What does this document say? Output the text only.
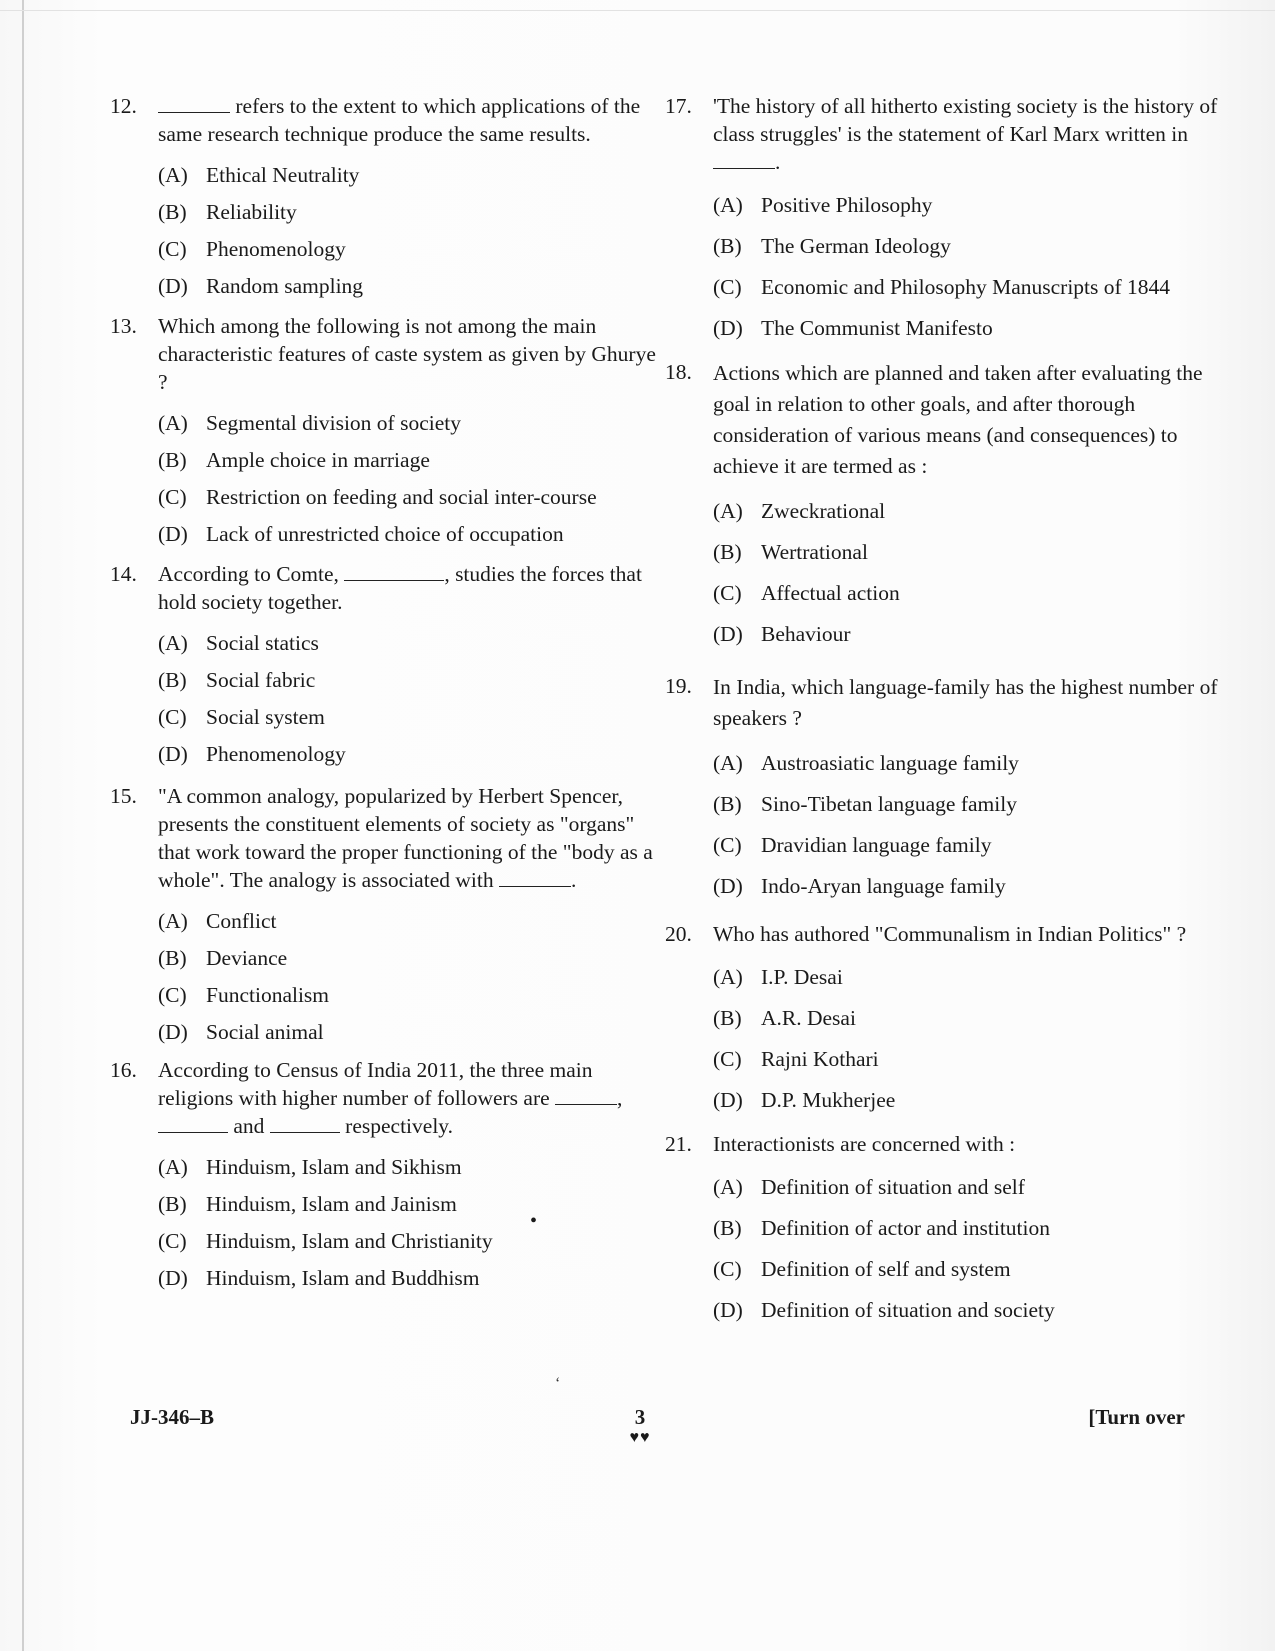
12.	refers to the extent to which applications of the same research technique produce the same results.
(A) Ethical Neutrality
(B) Reliability
(C) Phenomenology
(D) Random sampling
13. Which among the following is not among the main characteristic features of caste system as given by Ghurye ?
(A) Segmental division of society
(B) Ample choice in marriage
(C) Restriction on feeding and social inter-course
(D) Lack of unrestricted choice of occupation
14. According to Comte,	, studies the forces that hold society together.
(A) Social statics
(B) Social fabric
(C) Social system
(D) Phenomenology
15. "A common analogy, popularized by Herbert Spencer, presents the constituent elements of society as "organs" that work toward the proper functioning of the "body as a whole". The analogy is associated with	.
(A) Conflict
(B) Deviance
(C) Functionalism
(D) Social animal
16. According to Census of India 2011, the three main religions with higher number of followers are	,  and	respectively.
(A) Hinduism, Islam and Sikhism
(B) Hinduism, Islam and Jainism
(C) Hinduism, Islam and Christianity
(D) Hinduism, Islam and Buddhism
17. 'The history of all hitherto existing society is the history of class struggles' is the statement of Karl Marx written in .
(A) Positive Philosophy
(B) The German Ideology
(C) Economic and Philosophy Manuscripts of 1844
(D) The Communist Manifesto
18. Actions which are planned and taken after evaluating the goal in relation to other goals, and after thorough consideration of various means (and consequences) to achieve it are termed as :
(A) Zweckrational
(B) Wertrational
(C) Affectual action
(D) Behaviour
19. In India, which language-family has the highest number of speakers ?
(A) Austroasiatic language family
(B) Sino-Tibetan language family
(C) Dravidian language family
(D) Indo-Aryan language family
20. Who has authored "Communalism in Indian Politics" ?
(A) I.P. Desai
(B) A.R. Desai
(C) Rajni Kothari
(D) D.P. Mukherjee
21. Interactionists are concerned with :
(A) Definition of situation and self
(B) Definition of actor and institution
(C) Definition of self and system
(D) Definition of situation and society
•
ʻ
JJ-346–B	3
♥♥
[Turn over
